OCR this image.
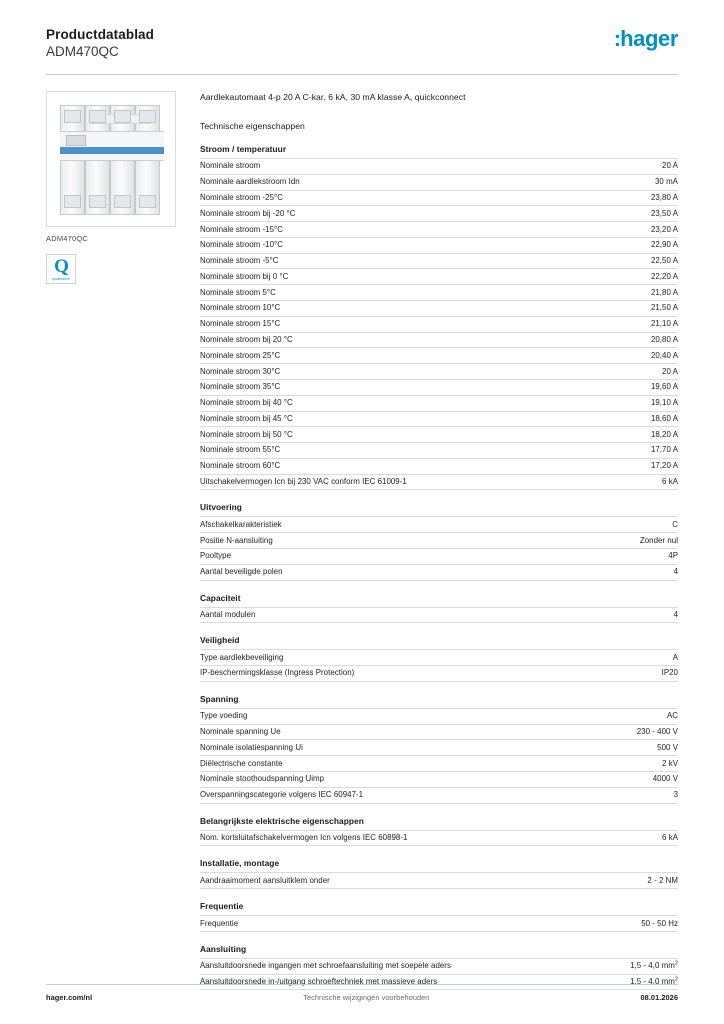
Productdatablad
ADM470QC
:hager
ADM470QC
Q
qualimarine
Aardlekautomaat 4-p 20 A C-kar. 6 kA, 30 mA klasse A, quickconnect
Technische eigenschappen
Stroom / temperatuur
Nominale stroom	20 A
Nominale aardlekstroom Idn	30 mA
Nominale stroom -25°C	23,80 A
Nominale stroom bij -20 °C	23,50 A
Nominale stroom -15°C	23,20 A
Nominale stroom -10°C	22,90 A
Nominale stroom -5°C	22,50 A
Nominale stroom bij 0 °C	22,20 A
Nominale stroom 5°C	21,80 A
Nominale stroom 10°C	21,50 A
Nominale stroom 15°C	21,10 A
Nominale stroom bij 20 °C	20,80 A
Nominale stroom 25°C	20,40 A
Nominale stroom 30°C	20 A
Nominale stroom 35°C	19,60 A
Nominale stroom bij 40 °C	19,10 A
Nominale stroom bij 45 °C	18,60 A
Nominale stroom bij 50 °C	18,20 A
Nominale stroom 55°C	17,70 A
Nominale stroom 60°C	17,20 A
Uitschakelvermogen Icn bij 230 VAC conform IEC 61009-1	6 kA
Uitvoering
Afschakelkarakteristiek	C
Positie N-aansluiting	Zonder nul
Pooltype	4P
Aantal beveiligde polen	4
Capaciteit
Aantal modulen	4
Veiligheid
Type aardlekbeveiliging	A
IP-beschermingsklasse (Ingress Protection)	IP20
Spanning
Type voeding	AC
Nominale spanning Ue	230 - 400 V
Nominale isolatiespanning Ui	500 V
Diëlectrische constante	2 kV
Nominale stoothoudspanning Uimp	4000 V
Overspanningscategorie volgens IEC 60947-1	3
Belangrijkste elektrische eigenschappen
Nom. kortsluitafschakelvermogen Icn volgens IEC 60898-1	6 kA
Installatie, montage
Aandraaimoment aansluitklem onder	2 - 2 NM
Frequentie
Frequentie	50 - 50 Hz
Aansluiting
Aansluitdoorsnede ingangen met schroefaansluiting met soepele aders	1,5 - 4,0 $mm^2$
Aansluitdoorsnede in-/uitgang schroeftechniek met massieve aders	1,5 - 4,0 $mm^2$
hager.com/nl	Technische wijzigingen voorbehouden	08.01.2026
